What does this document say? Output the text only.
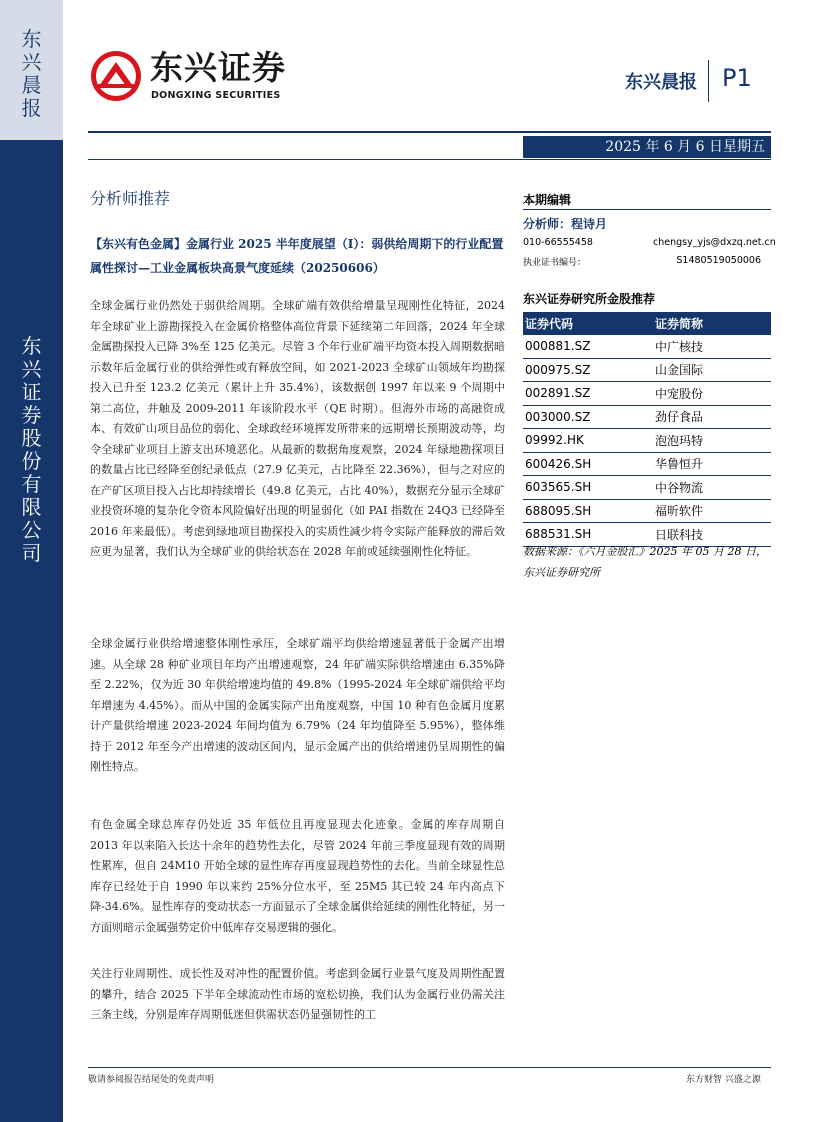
东兴晨报
东兴证券股份有限公司
东兴证券
DONGXING SECURITIES
东兴晨报 P1
2025 年 6 月 6 日星期五
分析师推荐
【东兴有色金属】金属行业 2025 半年度展望（Ⅰ）：弱供给周期下的行业配置属性探讨—工业金属板块高景气度延续（20250606）
全球金属行业仍然处于弱供给周期。全球矿端有效供给增量呈现刚性化特征，2024 年全球矿业上游勘探投入在金属价格整体高位背景下延续第二年回落，2024 年全球金属勘探投入已降 3%至 125 亿美元。尽管 3 个年行业矿端平均资本投入周期数据暗示数年后金属行业的供给弹性或有释放空间，如 2021-2023 全球矿山领域年均勘探投入已升至 123.2 亿美元（累计上升 35.4%），该数据创 1997 年以来 9 个周期中第二高位，并触及 2009-2011 年该阶段水平（QE 时期）。但海外市场的高融资成本、有效矿山项目品位的弱化、全球政经环境挥发所带来的远期增长预期波动等，均令全球矿业项目上游支出环境恶化。从最新的数据角度观察，2024 年绿地勘探项目的数量占比已经降至创纪录低点（27.9 亿美元，占比降至 22.36%），但与之对应的在产矿区项目投入占比却持续增长（49.8 亿美元，占比 40%），数据充分显示全球矿业投资环境的复杂化令资本风险偏好出现的明显弱化（如 PAI 指数在 24Q3 已经降至 2016 年来最低）。考虑到绿地项目勘探投入的实质性减少将令实际产能释放的滞后效应更为显著，我们认为全球矿业的供给状态在 2028 年前或延续强刚性化特征。
全球金属行业供给增速整体刚性承压，全球矿端平均供给增速显著低于金属产出增速。从全球 28 种矿业项目年均产出增速观察，24 年矿端实际供给增速由 6.35%降至 2.22%，仅为近 30 年供给增速均值的 49.8%（1995-2024 年全球矿端供给平均年增速为 4.45%）。而从中国的金属实际产出角度观察，中国 10 种有色金属月度累计产量供给增速 2023-2024 年间均值为 6.79%（24 年均值降至 5.95%），整体维持于 2012 年至今产出增速的波动区间内，显示金属产出的供给增速仍呈周期性的偏刚性特点。
有色金属全球总库存仍处近 35 年低位且再度显现去化迹象。金属的库存周期自 2013 年以来陷入长达十余年的趋势性去化，尽管 2024 年前三季度显现有效的周期性累库，但自 24M10 开始全球的显性库存再度显现趋势性的去化。当前全球显性总库存已经处于自 1990 年以来约 25%分位水平，至 25M5 其已较 24 年内高点下降-34.6%。显性库存的变动状态一方面显示了全球金属供给延续的刚性化特征，另一方面则暗示金属强势定价中低库存交易逻辑的强化。
关注行业周期性、成长性及对冲性的配置价值。考虑到金属行业景气度及周期性配置的攀升，结合 2025 下半年全球流动性市场的宽松切换，我们认为金属行业仍需关注三条主线，分别是库存周期低迷但供需状态仍显强韧性的工
本期编辑
分析师：程诗月
010-66555458	chengsy_yjs@dxzq.net.cn
执业证书编号：	S1480519050006
东兴证券研究所金股推荐
证券代码	证券简称
000881.SZ	中广核技
000975.SZ	山金国际
002891.SZ	中宠股份
003000.SZ	劲仔食品
09992.HK	泡泡玛特
600426.SH	华鲁恒升
603565.SH	中谷物流
688095.SH	福昕软件
688531.SH	日联科技
数据来源：《六月金股汇》2025 年 05 月 28 日，东兴证券研究所
敬请参阅报告结尾处的免责声明	东方财智 兴盛之源
